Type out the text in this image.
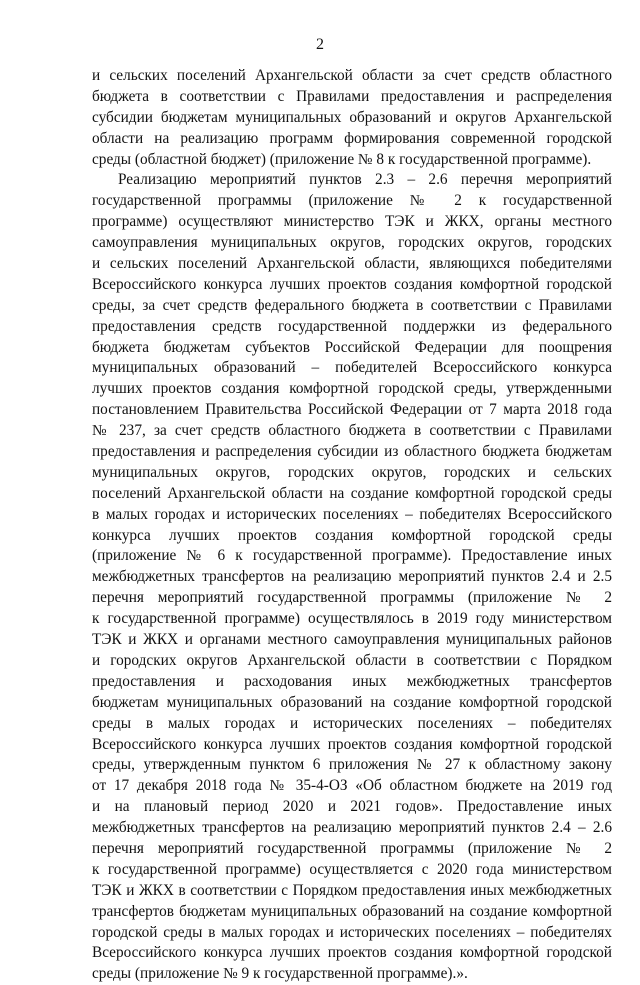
2
и сельских поселений Архангельской области за счет средств областного
бюджета в соответствии с Правилами предоставления и распределения
субсидии бюджетам муниципальных образований и округов Архангельской
области на реализацию программ формирования современной городской
среды (областной бюджет) (приложение № 8 к государственной программе).
Реализацию мероприятий пунктов 2.3 – 2.6 перечня мероприятий
государственной программы (приложение № 2 к государственной
программе) осуществляют министерство ТЭК и ЖКХ, органы местного
самоуправления муниципальных округов, городских округов, городских
и сельских поселений Архангельской области, являющихся победителями
Всероссийского конкурса лучших проектов создания комфортной городской
среды, за счет средств федерального бюджета в соответствии с Правилами
предоставления средств государственной поддержки из федерального
бюджета бюджетам субъектов Российской Федерации для поощрения
муниципальных образований – победителей Всероссийского конкурса
лучших проектов создания комфортной городской среды, утвержденными
постановлением Правительства Российской Федерации от 7 марта 2018 года
№ 237, за счет средств областного бюджета в соответствии с Правилами
предоставления и распределения субсидии из областного бюджета бюджетам
муниципальных округов, городских округов, городских и сельских
поселений Архангельской области на создание комфортной городской среды
в малых городах и исторических поселениях – победителях Всероссийского
конкурса лучших проектов создания комфортной городской среды
(приложение № 6 к государственной программе). Предоставление иных
межбюджетных трансфертов на реализацию мероприятий пунктов 2.4 и 2.5
перечня мероприятий государственной программы (приложение № 2
к государственной программе) осуществлялось в 2019 году министерством
ТЭК и ЖКХ и органами местного самоуправления муниципальных районов
и городских округов Архангельской области в соответствии с Порядком
предоставления и расходования иных межбюджетных трансфертов
бюджетам муниципальных образований на создание комфортной городской
среды в малых городах и исторических поселениях – победителях
Всероссийского конкурса лучших проектов создания комфортной городской
среды, утвержденным пунктом 6 приложения № 27 к областному закону
от 17 декабря 2018 года № 35-4-ОЗ «Об областном бюджете на 2019 год
и на плановый период 2020 и 2021 годов». Предоставление иных
межбюджетных трансфертов на реализацию мероприятий пунктов 2.4 – 2.6
перечня мероприятий государственной программы (приложение № 2
к государственной программе) осуществляется с 2020 года министерством
ТЭК и ЖКХ в соответствии с Порядком предоставления иных межбюджетных
трансфертов бюджетам муниципальных образований на создание комфортной
городской среды в малых городах и исторических поселениях – победителях
Всероссийского конкурса лучших проектов создания комфортной городской
среды (приложение № 9 к государственной программе).».
